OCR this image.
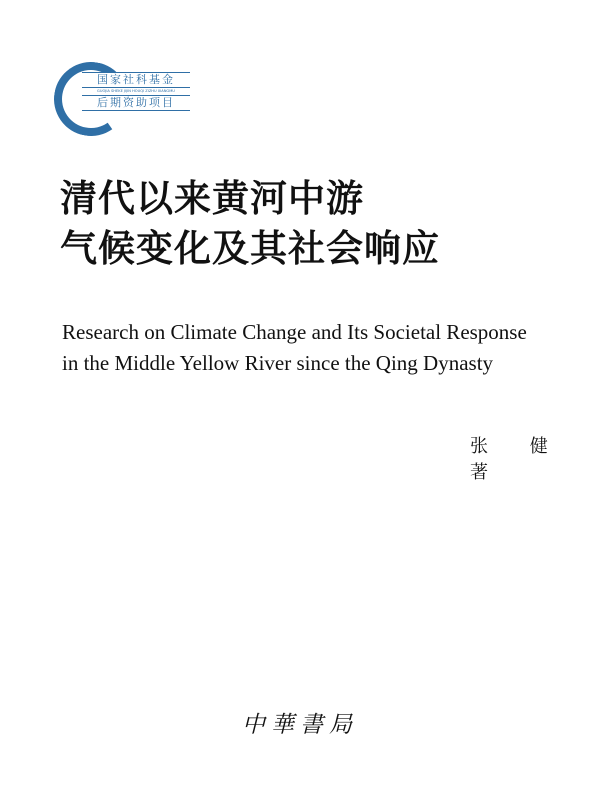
国家社科基金
GUOJIA SHEKE JIJIN HOUQI ZIZHU XIANGMU
后期资助项目
清代以来黄河中游
气候变化及其社会响应
Research on Climate Change and Its Societal Response
in the Middle Yellow River since the Qing Dynasty
张 健 著
中華書局
